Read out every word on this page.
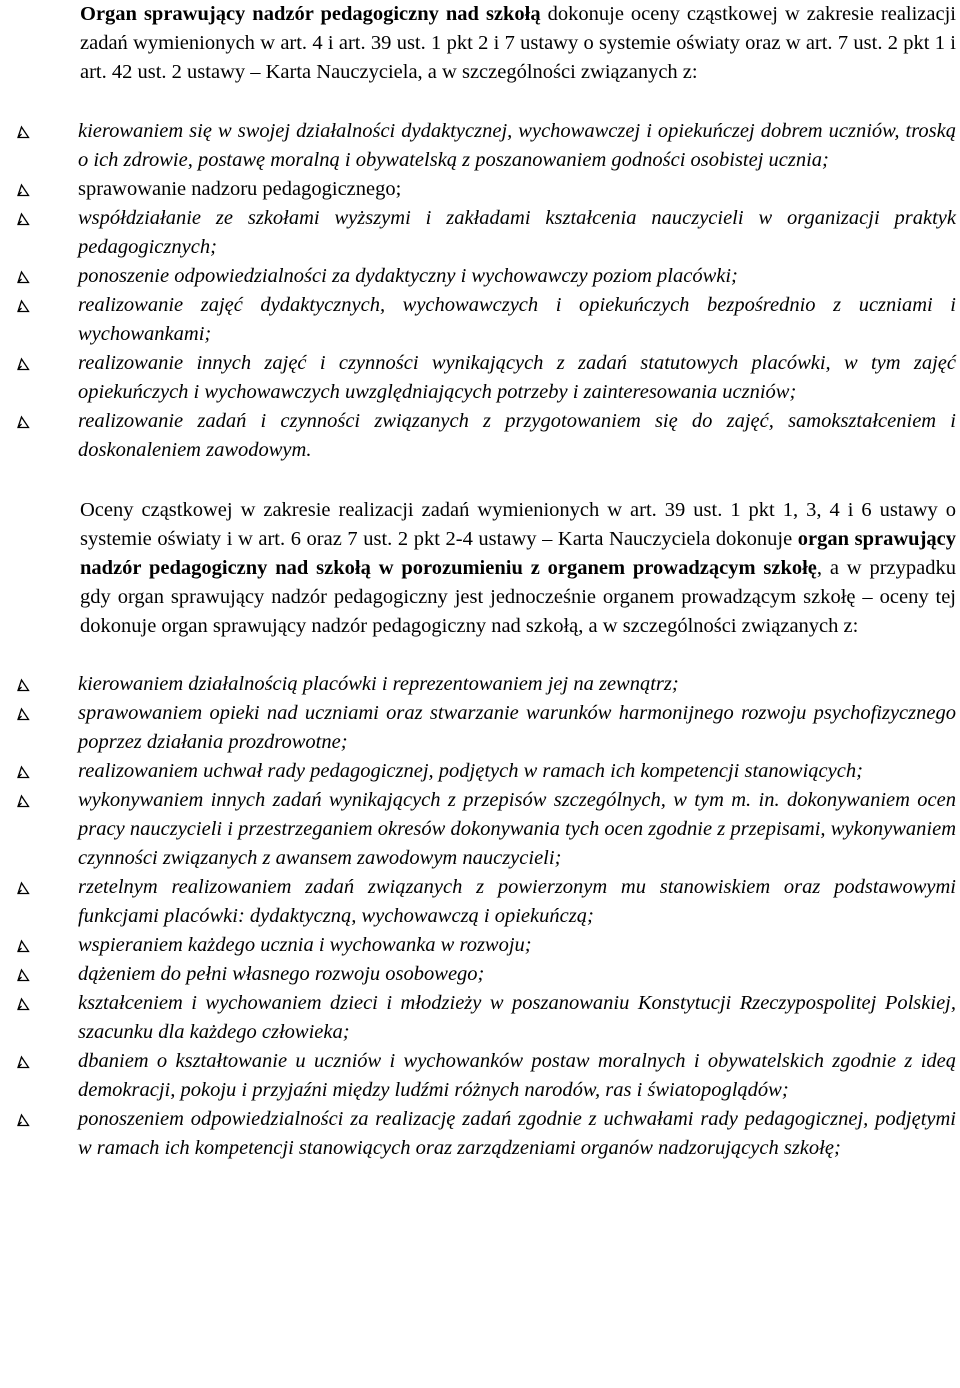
Organ sprawujący nadzór pedagogiczny nad szkołą dokonuje oceny cząstkowej w zakresie realizacji zadań wymienionych w art. 4 i art. 39 ust. 1 pkt 2 i 7 ustawy o systemie oświaty oraz w art. 7 ust. 2 pkt 1 i art. 42 ust. 2 ustawy – Karta Nauczyciela, a w szczególności związanych z:

kierowaniem się w swojej działalności dydaktycznej, wychowawczej i opiekuńczej dobrem uczniów, troską o ich zdrowie, postawę moralną i obywatelską z poszanowaniem godności osobistej ucznia;
sprawowanie nadzoru pedagogicznego;
współdziałanie ze szkołami wyższymi i zakładami kształcenia nauczycieli w organizacji praktyk pedagogicznych;
ponoszenie odpowiedzialności za dydaktyczny i wychowawczy poziom placówki;
realizowanie zajęć dydaktycznych, wychowawczych i opiekuńczych bezpośrednio z uczniami i wychowankami;
realizowanie innych zajęć i czynności wynikających z zadań statutowych placówki, w tym zajęć opiekuńczych i wychowawczych uwzględniających potrzeby i zainteresowania uczniów;
realizowanie zadań i czynności związanych z przygotowaniem się do zajęć, samokształceniem i doskonaleniem zawodowym.

Oceny cząstkowej w zakresie realizacji zadań wymienionych w art. 39 ust. 1 pkt 1, 3, 4 i 6 ustawy o systemie oświaty i w art. 6 oraz 7 ust. 2 pkt 2-4 ustawy – Karta Nauczyciela dokonuje organ sprawujący nadzór pedagogiczny nad szkołą w porozumieniu z organem prowadzącym szkołę, a w przypadku gdy organ sprawujący nadzór pedagogiczny jest jednocześnie organem prowadzącym szkołę – oceny tej dokonuje organ sprawujący nadzór pedagogiczny nad szkołą, a w szczególności związanych z:

kierowaniem działalnością placówki i reprezentowaniem jej na zewnątrz;
sprawowaniem opieki nad uczniami oraz stwarzanie warunków harmonijnego rozwoju psychofizycznego poprzez działania prozdrowotne;
realizowaniem uchwał rady pedagogicznej, podjętych w ramach ich kompetencji stanowiących;
wykonywaniem innych zadań wynikających z przepisów szczególnych, w tym m. in. dokonywaniem ocen pracy nauczycieli i przestrzeganiem okresów dokonywania tych ocen zgodnie z przepisami, wykonywaniem czynności związanych z awansem zawodowym nauczycieli;
rzetelnym realizowaniem zadań związanych z powierzonym mu stanowiskiem oraz podstawowymi funkcjami placówki: dydaktyczną, wychowawczą i opiekuńczą;
wspieraniem każdego ucznia i wychowanka w rozwoju;
dążeniem do pełni własnego rozwoju osobowego;
kształceniem i wychowaniem dzieci i młodzieży w poszanowaniu Konstytucji Rzeczypospolitej Polskiej, szacunku dla każdego człowieka;
dbaniem o kształtowanie u uczniów i wychowanków postaw moralnych i obywatelskich zgodnie z ideą demokracji, pokoju i przyjaźni między ludźmi różnych narodów, ras i światopoglądów;
ponoszeniem odpowiedzialności za realizację zadań zgodnie z uchwałami rady pedagogicznej, podjętymi w ramach ich kompetencji stanowiących oraz zarządzeniami organów nadzorujących szkołę;
